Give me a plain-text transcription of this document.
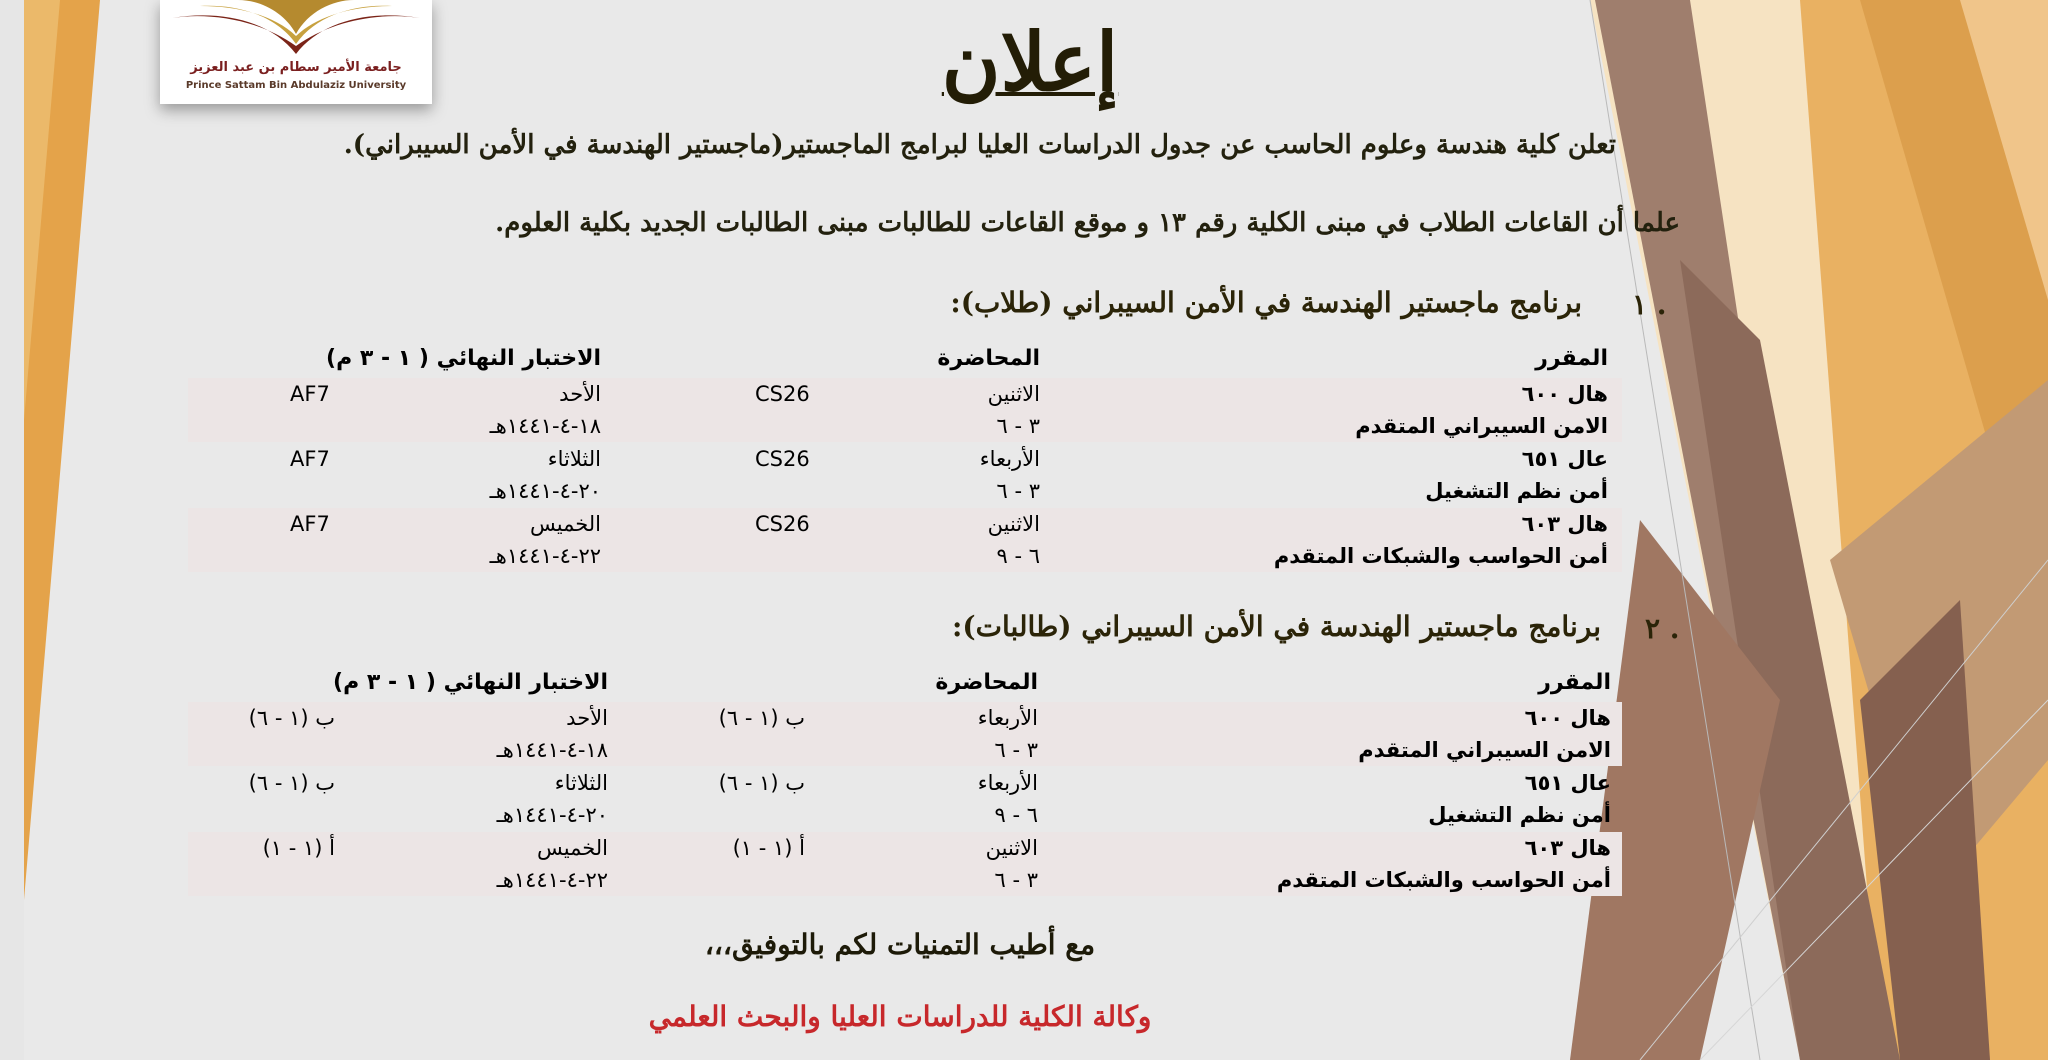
جامعة الأمير سطام بن عبد العزيز
Prince Sattam Bin Abdulaziz University	إعلان
تعلن كلية هندسة وعلوم الحاسب عن جدول الدراسات العليا لبرامج الماجستير(ماجستير الهندسة في الأمن السيبراني).
علما أن القاعات الطلاب في مبنى الكلية رقم ١٣ و موقع القاعات للطالبات مبنى الطالبات الجديد بكلية العلوم.
١ .
برنامج ماجستير الهندسة في الأمن السيبراني (طلاب):
المقرر
المحاضرة
الاختبار النهائي ( ١ - ٣ م)
هال ٦٠٠
الامن السيبراني المتقدم
الاثنين
٣ - ٦
CS26
الأحد
١٨-٤-١٤٤١هـ
AF7
عال ٦٥١
أمن نظم التشغيل
الأربعاء
٣ - ٦
CS26
الثلاثاء
٢٠-٤-١٤٤١هـ
AF7
هال ٦٠٣
أمن الحواسب والشبكات المتقدم
الاثنين
٦ - ٩
CS26
الخميس
٢٢-٤-١٤٤١هـ
AF7
٢ .
برنامج ماجستير الهندسة في الأمن السيبراني (طالبات):
المقرر
المحاضرة
الاختبار النهائي ( ١ - ٣ م)
هال ٦٠٠
الامن السيبراني المتقدم
الأربعاء
٣ - ٦
ب (١ - ٦)
الأحد
١٨-٤-١٤٤١هـ
ب (١ - ٦)
عال ٦٥١
أمن نظم التشغيل
الأربعاء
٦ - ٩
ب (١ - ٦)
الثلاثاء
٢٠-٤-١٤٤١هـ
ب (١ - ٦)
هال ٦٠٣
أمن الحواسب والشبكات المتقدم
الاثنين
٣ - ٦
أ (١ - ١)
الخميس
٢٢-٤-١٤٤١هـ
أ (١ - ١)
مع أطيب التمنيات لكم بالتوفيق،،،
وكالة الكلية للدراسات العليا والبحث العلمي
